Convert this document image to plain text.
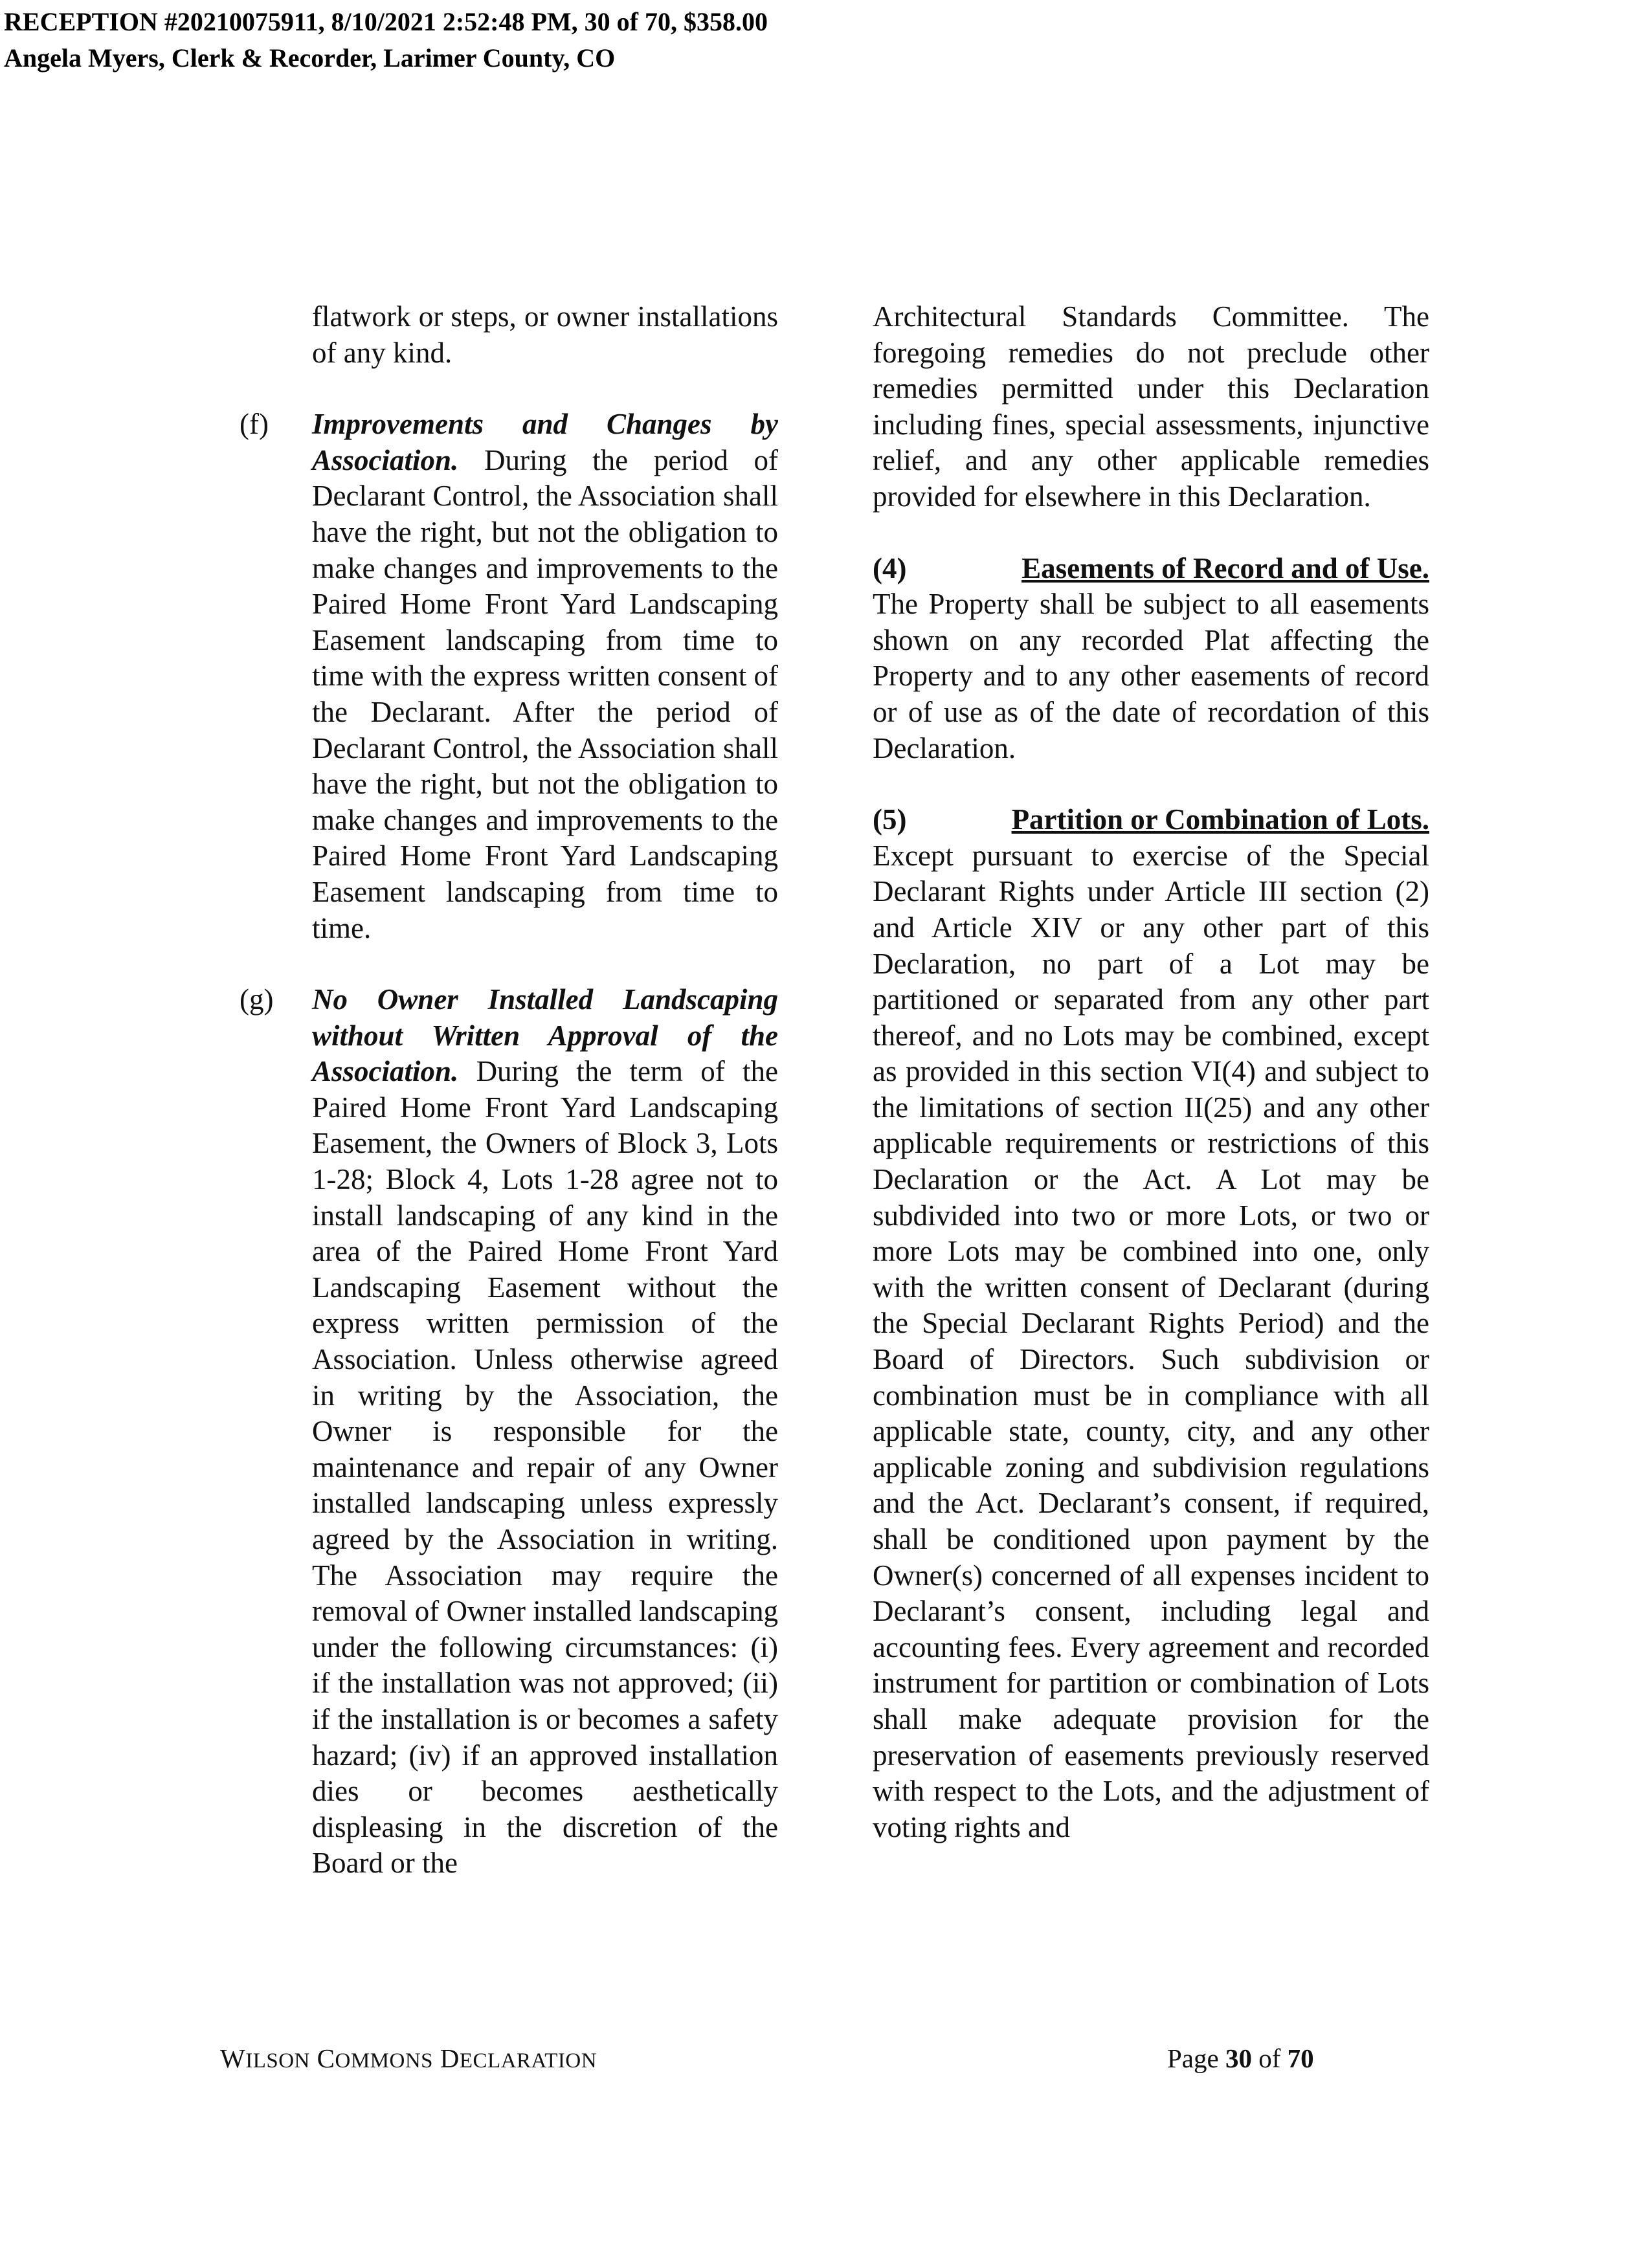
RECEPTION #20210075911, 8/10/2021 2:52:48 PM, 30 of 70, $358.00
Angela Myers, Clerk & Recorder, Larimer County, CO

flatwork or steps, or owner installations of any kind.

(f) Improvements and Changes by Association. During the period of Declarant Control, the Association shall have the right, but not the obligation to make changes and improvements to the Paired Home Front Yard Landscaping Easement landscaping from time to time with the express written consent of the Declarant. After the period of Declarant Control, the Association shall have the right, but not the obligation to make changes and improvements to the Paired Home Front Yard Landscaping Easement landscaping from time to time.

(g) No Owner Installed Landscaping without Written Approval of the Association. During the term of the Paired Home Front Yard Landscaping Easement, the Owners of Block 3, Lots 1-28; Block 4, Lots 1-28 agree not to install landscaping of any kind in the area of the Paired Home Front Yard Landscaping Easement without the express written permission of the Association. Unless otherwise agreed in writing by the Association, the Owner is responsible for the maintenance and repair of any Owner installed landscaping unless expressly agreed by the Association in writing. The Association may require the removal of Owner installed landscaping under the following circumstances: (i) if the installation was not approved; (ii) if the installation is or becomes a safety hazard; (iv) if an approved installation dies or becomes aesthetically displeasing in the discretion of the Board or the

Architectural Standards Committee. The foregoing remedies do not preclude other remedies permitted under this Declaration including fines, special assessments, injunctive relief, and any other applicable remedies provided for elsewhere in this Declaration.

(4)	Easements of Record and of Use.

The Property shall be subject to all easements shown on any recorded Plat affecting the Property and to any other easements of record or of use as of the date of recordation of this Declaration.

(5)	Partition or Combination of Lots.

Except pursuant to exercise of the Special Declarant Rights under Article III section (2) and Article XIV or any other part of this Declaration, no part of a Lot may be partitioned or separated from any other part thereof, and no Lots may be combined, except as provided in this section VI(4) and subject to the limitations of section II(25) and any other applicable requirements or restrictions of this Declaration or the Act. A Lot may be subdivided into two or more Lots, or two or more Lots may be combined into one, only with the written consent of Declarant (during the Special Declarant Rights Period) and the Board of Directors. Such subdivision or combination must be in compliance with all applicable state, county, city, and any other applicable zoning and subdivision regulations and the Act. Declarant’s consent, if required, shall be conditioned upon payment by the Owner(s) concerned of all expenses incident to Declarant’s consent, including legal and accounting fees. Every agreement and recorded instrument for partition or combination of Lots shall make adequate provision for the preservation of easements previously reserved with respect to the Lots, and the adjustment of voting rights and

WILSON COMMONS DECLARATION	Page 30 of 70
